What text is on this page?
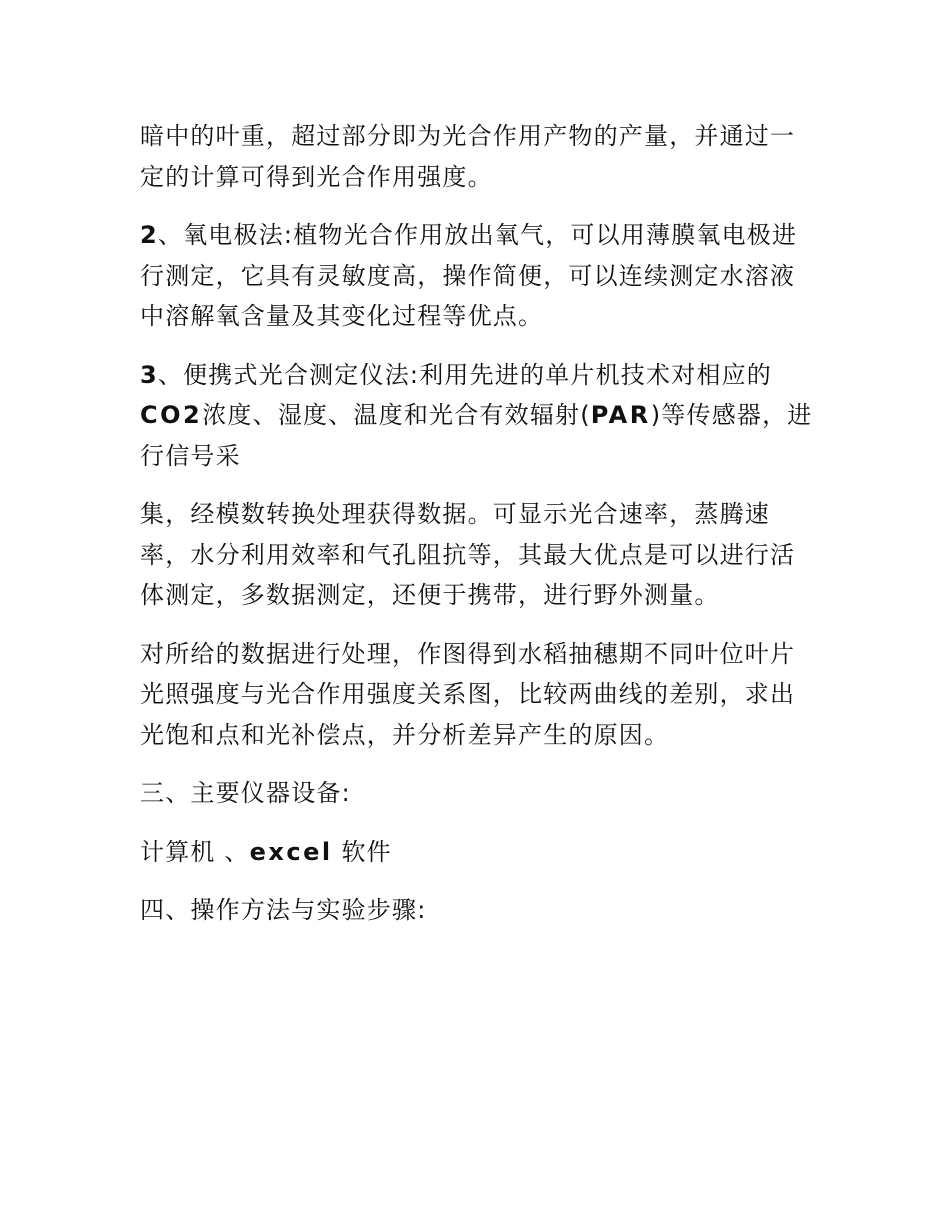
暗中的叶重，超过部分即为光合作用产物的产量，并通过一定的计算可得到光合作用强度。

2、氧电极法:植物光合作用放出氧气，可以用薄膜氧电极进行测定，它具有灵敏度高，操作简便，可以连续测定水溶液中溶解氧含量及其变化过程等优点。

3、便携式光合测定仪法:利用先进的单片机技术对相应的CO2浓度、湿度、温度和光合有效辐射(PAR)等传感器，进行信号采

集，经模数转换处理获得数据。可显示光合速率，蒸腾速率，水分利用效率和气孔阻抗等，其最大优点是可以进行活体测定，多数据测定，还便于携带，进行野外测量。

对所给的数据进行处理，作图得到水稻抽穗期不同叶位叶片光照强度与光合作用强度关系图，比较两曲线的差别，求出光饱和点和光补偿点，并分析差异产生的原因。

三、主要仪器设备:

计算机 、excel 软件

四、操作方法与实验步骤:
